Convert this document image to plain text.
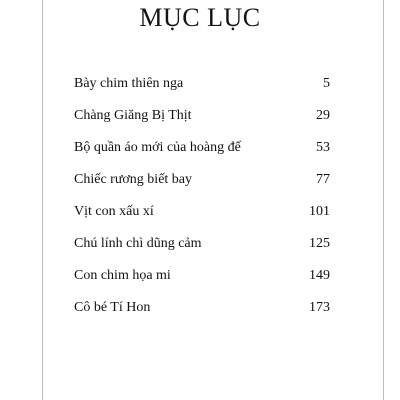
MỤC LỤC
Bày chim thiên nga	5
Chàng Giăng Bị Thịt	29
Bộ quần áo mới của hoàng đế	53
Chiếc rương biết bay	77
Vịt con xấu xí	101
Chú lính chì dũng cảm	125
Con chim họa mi	149
Cô bé Tí Hon	173
